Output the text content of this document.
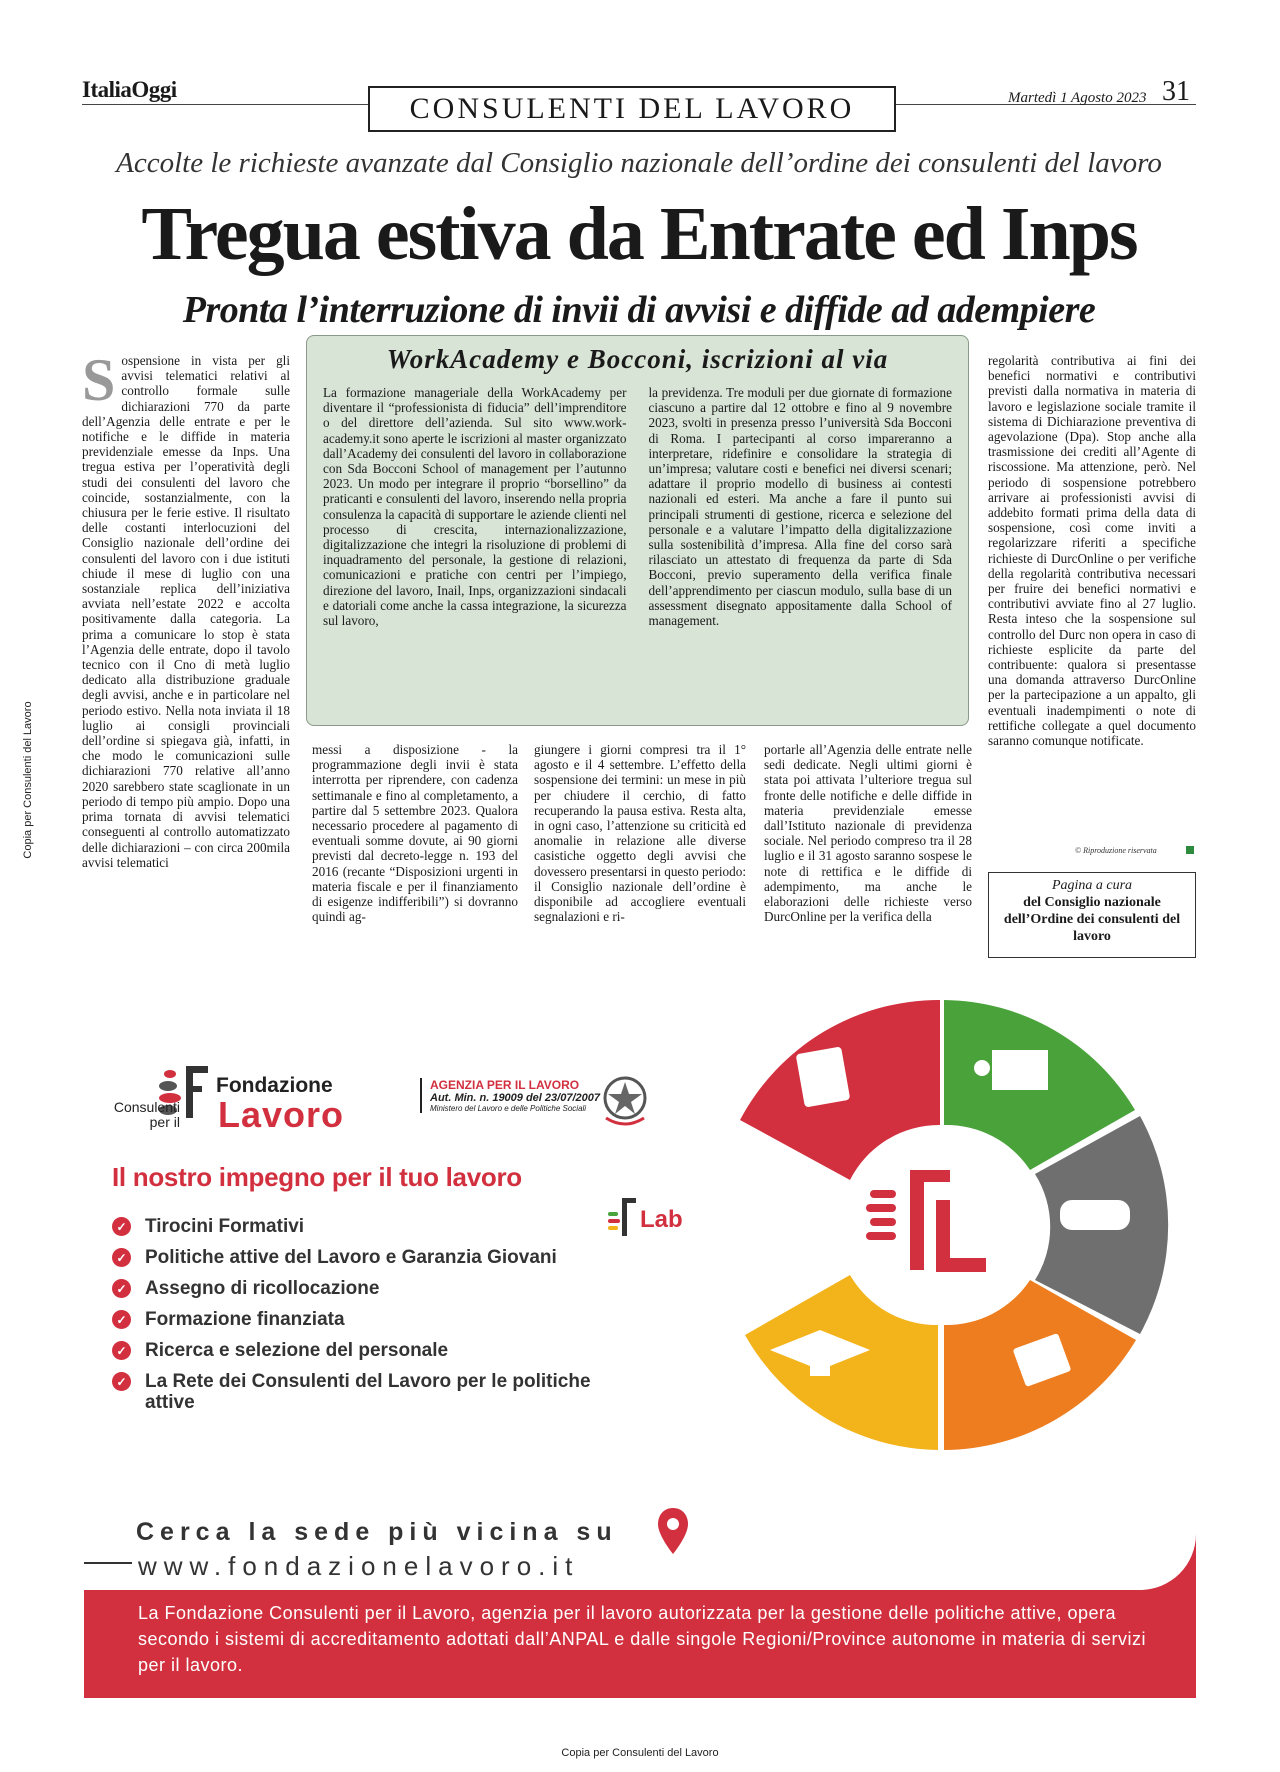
Copia per Consulenti del Lavoro
ItaliaOggi
CONSULENTI DEL LAVORO	Martedì 1 Agosto 2023 31
Accolte le richieste avanzate dal Consiglio nazionale dell’ordine dei consulenti del lavoro
Tregua estiva da Entrate ed Inps
Pronta l’interruzione di invii di avvisi e diffide ad adempiere
Sospensione in vista per gli avvisi telematici relativi al controllo formale sulle dichiarazioni 770 da parte dell’Agenzia delle entrate e per le notifiche e le diffide in materia previdenziale emesse da Inps. Una tregua estiva per l’operatività degli studi dei consulenti del lavoro che coincide, sostanzialmente, con la chiusura per le ferie estive. Il risultato delle costanti interlocuzioni del Consiglio nazionale dell’ordine dei consulenti del lavoro con i due istituti chiude il mese di luglio con una sostanziale replica dell’iniziativa avviata nell’estate 2022 e accolta positivamente dalla categoria. La prima a comunicare lo stop è stata l’Agenzia delle entrate, dopo il tavolo tecnico con il Cno di metà luglio dedicato alla distribuzione graduale degli avvisi, anche e in particolare nel periodo estivo. Nella nota inviata il 18 luglio ai consigli provinciali dell’ordine si spiegava già, infatti, in che modo le comunicazioni sulle dichiarazioni 770 relative all’anno 2020 sarebbero state scaglionate in un periodo di tempo più ampio. Dopo una prima tornata di avvisi telematici conseguenti al controllo automatizzato delle dichiarazioni – con circa 200mila avvisi telematici
WorkAcademy e Bocconi, iscrizioni al via
La formazione manageriale della WorkAcademy per diventare il “professionista di fiducia” dell’imprenditore o del direttore dell’azienda. Sul sito www.work-academy.it sono aperte le iscrizioni al master organizzato dall’Academy dei consulenti del lavoro in collaborazione con Sda Bocconi School of management per l’autunno 2023. Un modo per integrare il proprio “borsellino” da praticanti e consulenti del lavoro, inserendo nella propria consulenza la capacità di supportare le aziende clienti nel processo di crescita, internazionalizzazione, digitalizzazione che integri la risoluzione di problemi di inquadramento del personale, la gestione di relazioni, comunicazioni e pratiche con centri per l’impiego, direzione del lavoro, Inail, Inps, organizzazioni sindacali e datoriali come anche la cassa integrazione, la sicurezza sul lavoro,
la previdenza. Tre moduli per due giornate di formazione ciascuno a partire dal 12 ottobre e fino al 9 novembre 2023, svolti in presenza presso l’università Sda Bocconi di Roma. I partecipanti al corso impareranno a interpretare, ridefinire e consolidare la strategia di un’impresa; valutare costi e benefici nei diversi scenari; adattare il proprio modello di business ai contesti nazionali ed esteri. Ma anche a fare il punto sui principali strumenti di gestione, ricerca e selezione del personale e a valutare l’impatto della digitalizzazione sulla sostenibilità d’impresa. Alla fine del corso sarà rilasciato un attestato di frequenza da parte di Sda Bocconi, previo superamento della verifica finale dell’apprendimento per ciascun modulo, sulla base di un assessment disegnato appositamente dalla School of management.
messi a disposizione - la programmazione degli invii è stata interrotta per riprendere, con cadenza settimanale e fino al completamento, a partire dal 5 settembre 2023. Qualora necessario procedere al pagamento di eventuali somme dovute, ai 90 giorni previsti dal decreto-legge n. 193 del 2016 (recante “Disposizioni urgenti in materia fiscale e per il finanziamento di esigenze indifferibili”) si dovranno quindi ag-
giungere i giorni compresi tra il 1° agosto e il 4 settembre. L’effetto della sospensione dei termini: un mese in più per chiudere il cerchio, di fatto recuperando la pausa estiva. Resta alta, in ogni caso, l’attenzione su criticità ed anomalie in relazione alle diverse casistiche oggetto degli avvisi che dovessero presentarsi in questo periodo: il Consiglio nazionale dell’ordine è disponibile ad accogliere eventuali segnalazioni e ri-
portarle all’Agenzia delle entrate nelle sedi dedicate. Negli ultimi giorni è stata poi attivata l’ulteriore tregua sul fronte delle notifiche e delle diffide in materia previdenziale emesse dall’Istituto nazionale di previdenza sociale. Nel periodo compreso tra il 28 luglio e il 31 agosto saranno sospese le note di rettifica e le diffide di adempimento, ma anche le elaborazioni delle richieste verso DurcOnline per la verifica della
regolarità contributiva ai fini dei benefici normativi e contributivi previsti dalla normativa in materia di lavoro e legislazione sociale tramite il sistema di Dichiarazione preventiva di agevolazione (Dpa). Stop anche alla trasmissione dei crediti all’Agente di riscossione. Ma attenzione, però. Nel periodo di sospensione potrebbero arrivare ai professionisti avvisi di addebito formati prima della data di sospensione, così come inviti a regolarizzare riferiti a specifiche richieste di DurcOnline o per verifiche della regolarità contributiva necessari per fruire dei benefici normativi e contributivi avviate fino al 27 luglio. Resta inteso che la sospensione sul controllo del Durc non opera in caso di richieste esplicite da parte del contribuente: qualora si presentasse una domanda attraverso DurcOnline per la partecipazione a un appalto, gli eventuali inadempimenti o note di rettifiche collegate a quel documento saranno comunque notificate.
© Riproduzione riservata
Pagina a cura
del Consiglio nazionale dell’Ordine dei consulenti del lavoro
Fondazione
Consulenti per il Lavoro
AGENZIA PER IL LAVORO
Aut. Min. n. 19009 del 23/07/2007
Ministero del Lavoro e delle Politiche Sociali
Il nostro impegno per il tuo lavoro
✓ Tirocini Formativi
✓ Politiche attive del Lavoro e Garanzia Giovani
✓ Assegno di ricollocazione
✓ Formazione finanziata
✓ Ricerca e selezione del personale
✓ La Rete dei Consulenti del Lavoro per le politiche attive
Lab
Cerca la sede più vicina su
www.fondazionelavoro.it
La Fondazione Consulenti per il Lavoro, agenzia per il lavoro autorizzata per la gestione delle politiche attive, opera secondo i sistemi di accreditamento adottati dall’ANPAL e dalle singole Regioni/Province autonome in materia di servizi per il lavoro.
Copia per Consulenti del Lavoro
